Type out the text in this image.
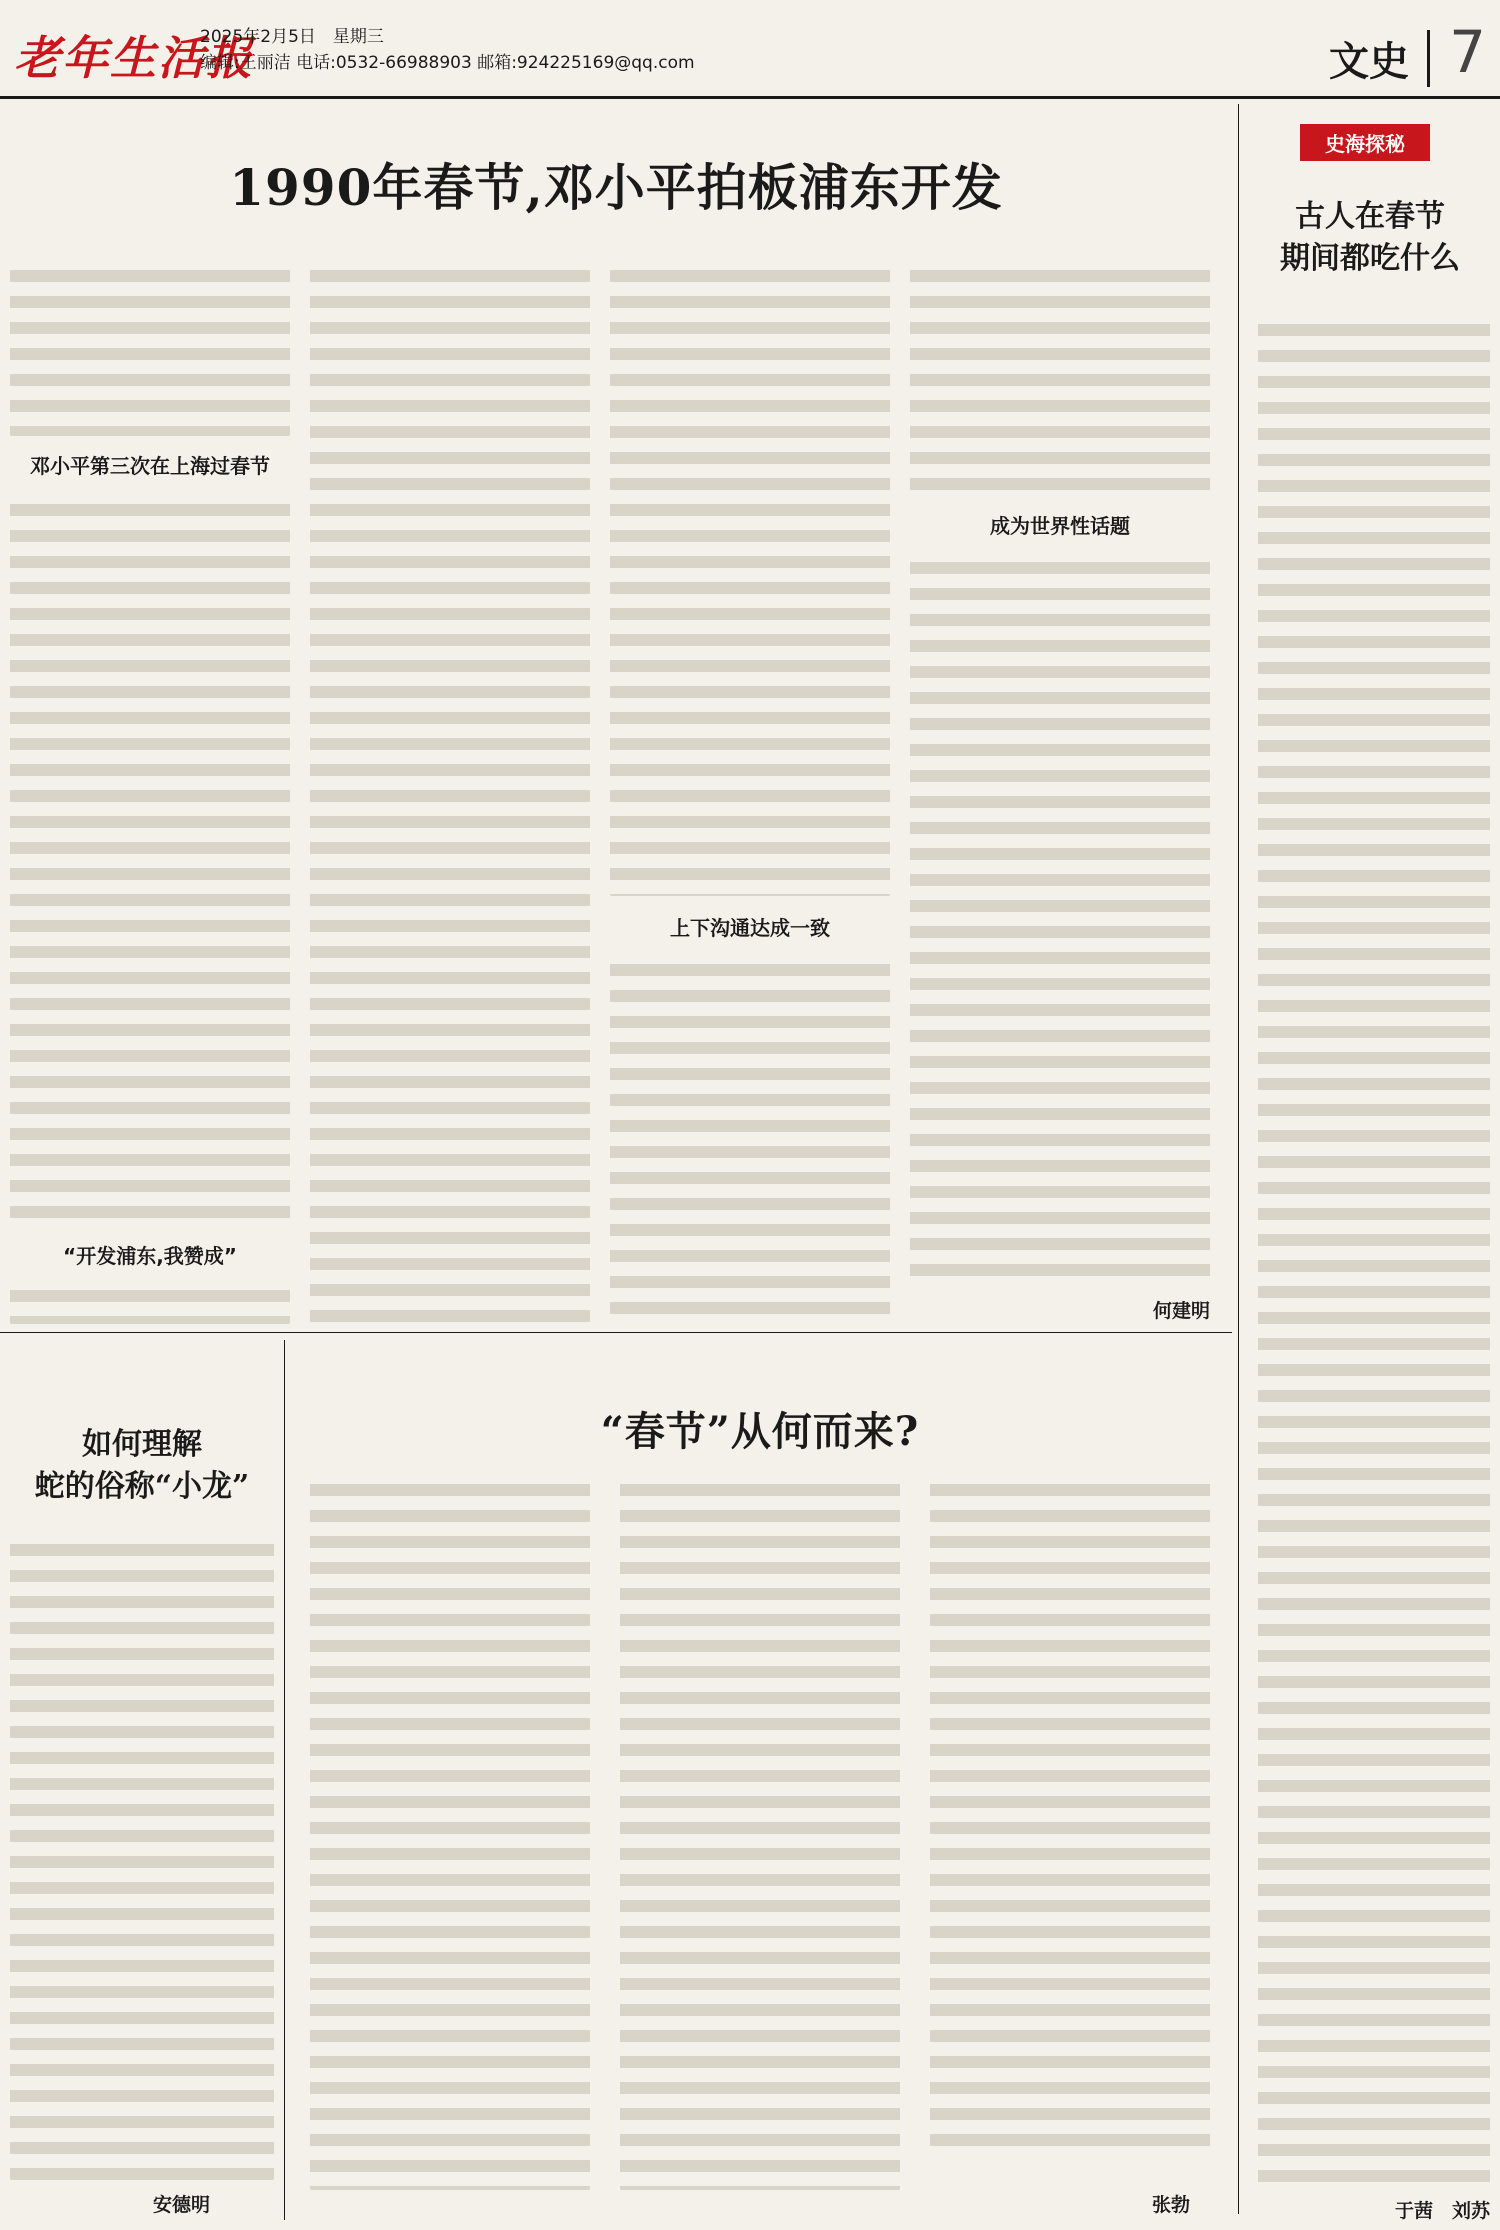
老年生活报
2025年2月5日　星期三
编辑:王丽洁 电话:0532-66988903 邮箱:924225169@qq.com	文史 7
1990年春节,邓小平拍板浦东开发
邓小平第三次在上海过春节
“开发浦东,我赞成”
上下沟通达成一致
成为世界性话题
何建明
如何理解
蛇的俗称“小龙”
安德明
“春节”从何而来?
张勃
史海探秘
古人在春节
期间都吃什么
于茜　刘苏
